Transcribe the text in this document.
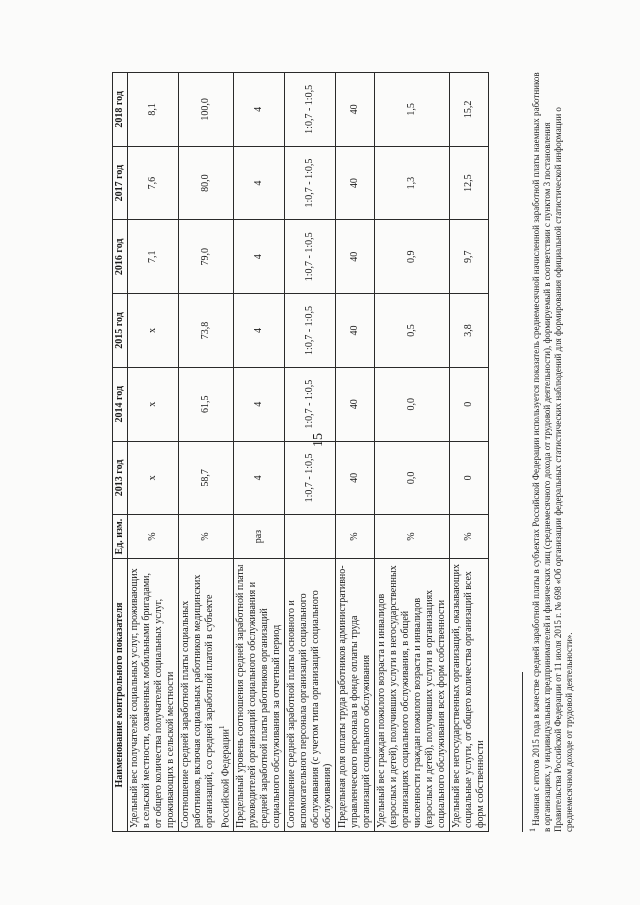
15
Наименование контрольного показателя	Ед. изм.	2013 год	2014 год	2015 год	2016 год	2017 год	2018 год
Удельный вес получателей социальных услуг, проживающих в сельской местности, охваченных мобильными бригадами, от общего количества получателей социальных услуг, проживающих в сельской местности	%	х	х	х	7,1	7,6	8,1
Соотношение средней заработной платы социальных работников, включая социальных работников медицинских организаций, со средней заработной платой в субъекте Российской Федерации$^1$	%	58,7	61,5	73,8	79,0	80,0	100,0
Предельный уровень соотношения средней заработной платы руководителей организаций социального обслуживания и средней заработной платы работников организаций социального обслуживания за отчетный период	раз	4	4	4	4	4	4
Соотношение средней заработной платы основного и вспомогательного персонала организаций социального обслуживания (с учетом типа организаций социального обслуживания)		1:0,7 - 1:0,5	1:0,7 - 1:0,5	1:0,7 - 1:0,5	1:0,7 - 1:0,5	1:0,7 - 1:0,5	1:0,7 - 1:0,5
Предельная доля оплаты труда работников административно-управленческого персонала в фонде оплаты труда организаций социального обслуживания	%	40	40	40	40	40	40
Удельный вес граждан пожилого возраста и инвалидов (взрослых и детей), получивших услуги в негосударственных организациях социального обслуживания, в общей численности граждан пожилого возраста и инвалидов (взрослых и детей), получивших услуги в организациях социального обслуживания всех форм собственности	%	0,0	0,0	0,5	0,9	1,3	1,5
Удельный вес негосударственных организаций, оказывающих социальные услуги, от общего количества организаций всех форм собственности	%	0	0	3,8	9,7	12,5	15,2
1 Начиная с итогов 2015 года в качестве средней заработной платы в субъектах Российской Федерации используется показатель среднемесячной начисленной заработной платы наемных работников в организациях, у индивидуальных предпринимателей и физических лиц (среднемесячного дохода от трудовой деятельности), формируемый в соответствии с пунктом 3 постановления Правительства Российской Федерации от 11 июля 2015 г. № 698 «Об организации федеральных статистических наблюдений для формирования официальной статистической информации о среднемесячном доходе от трудовой деятельности».
